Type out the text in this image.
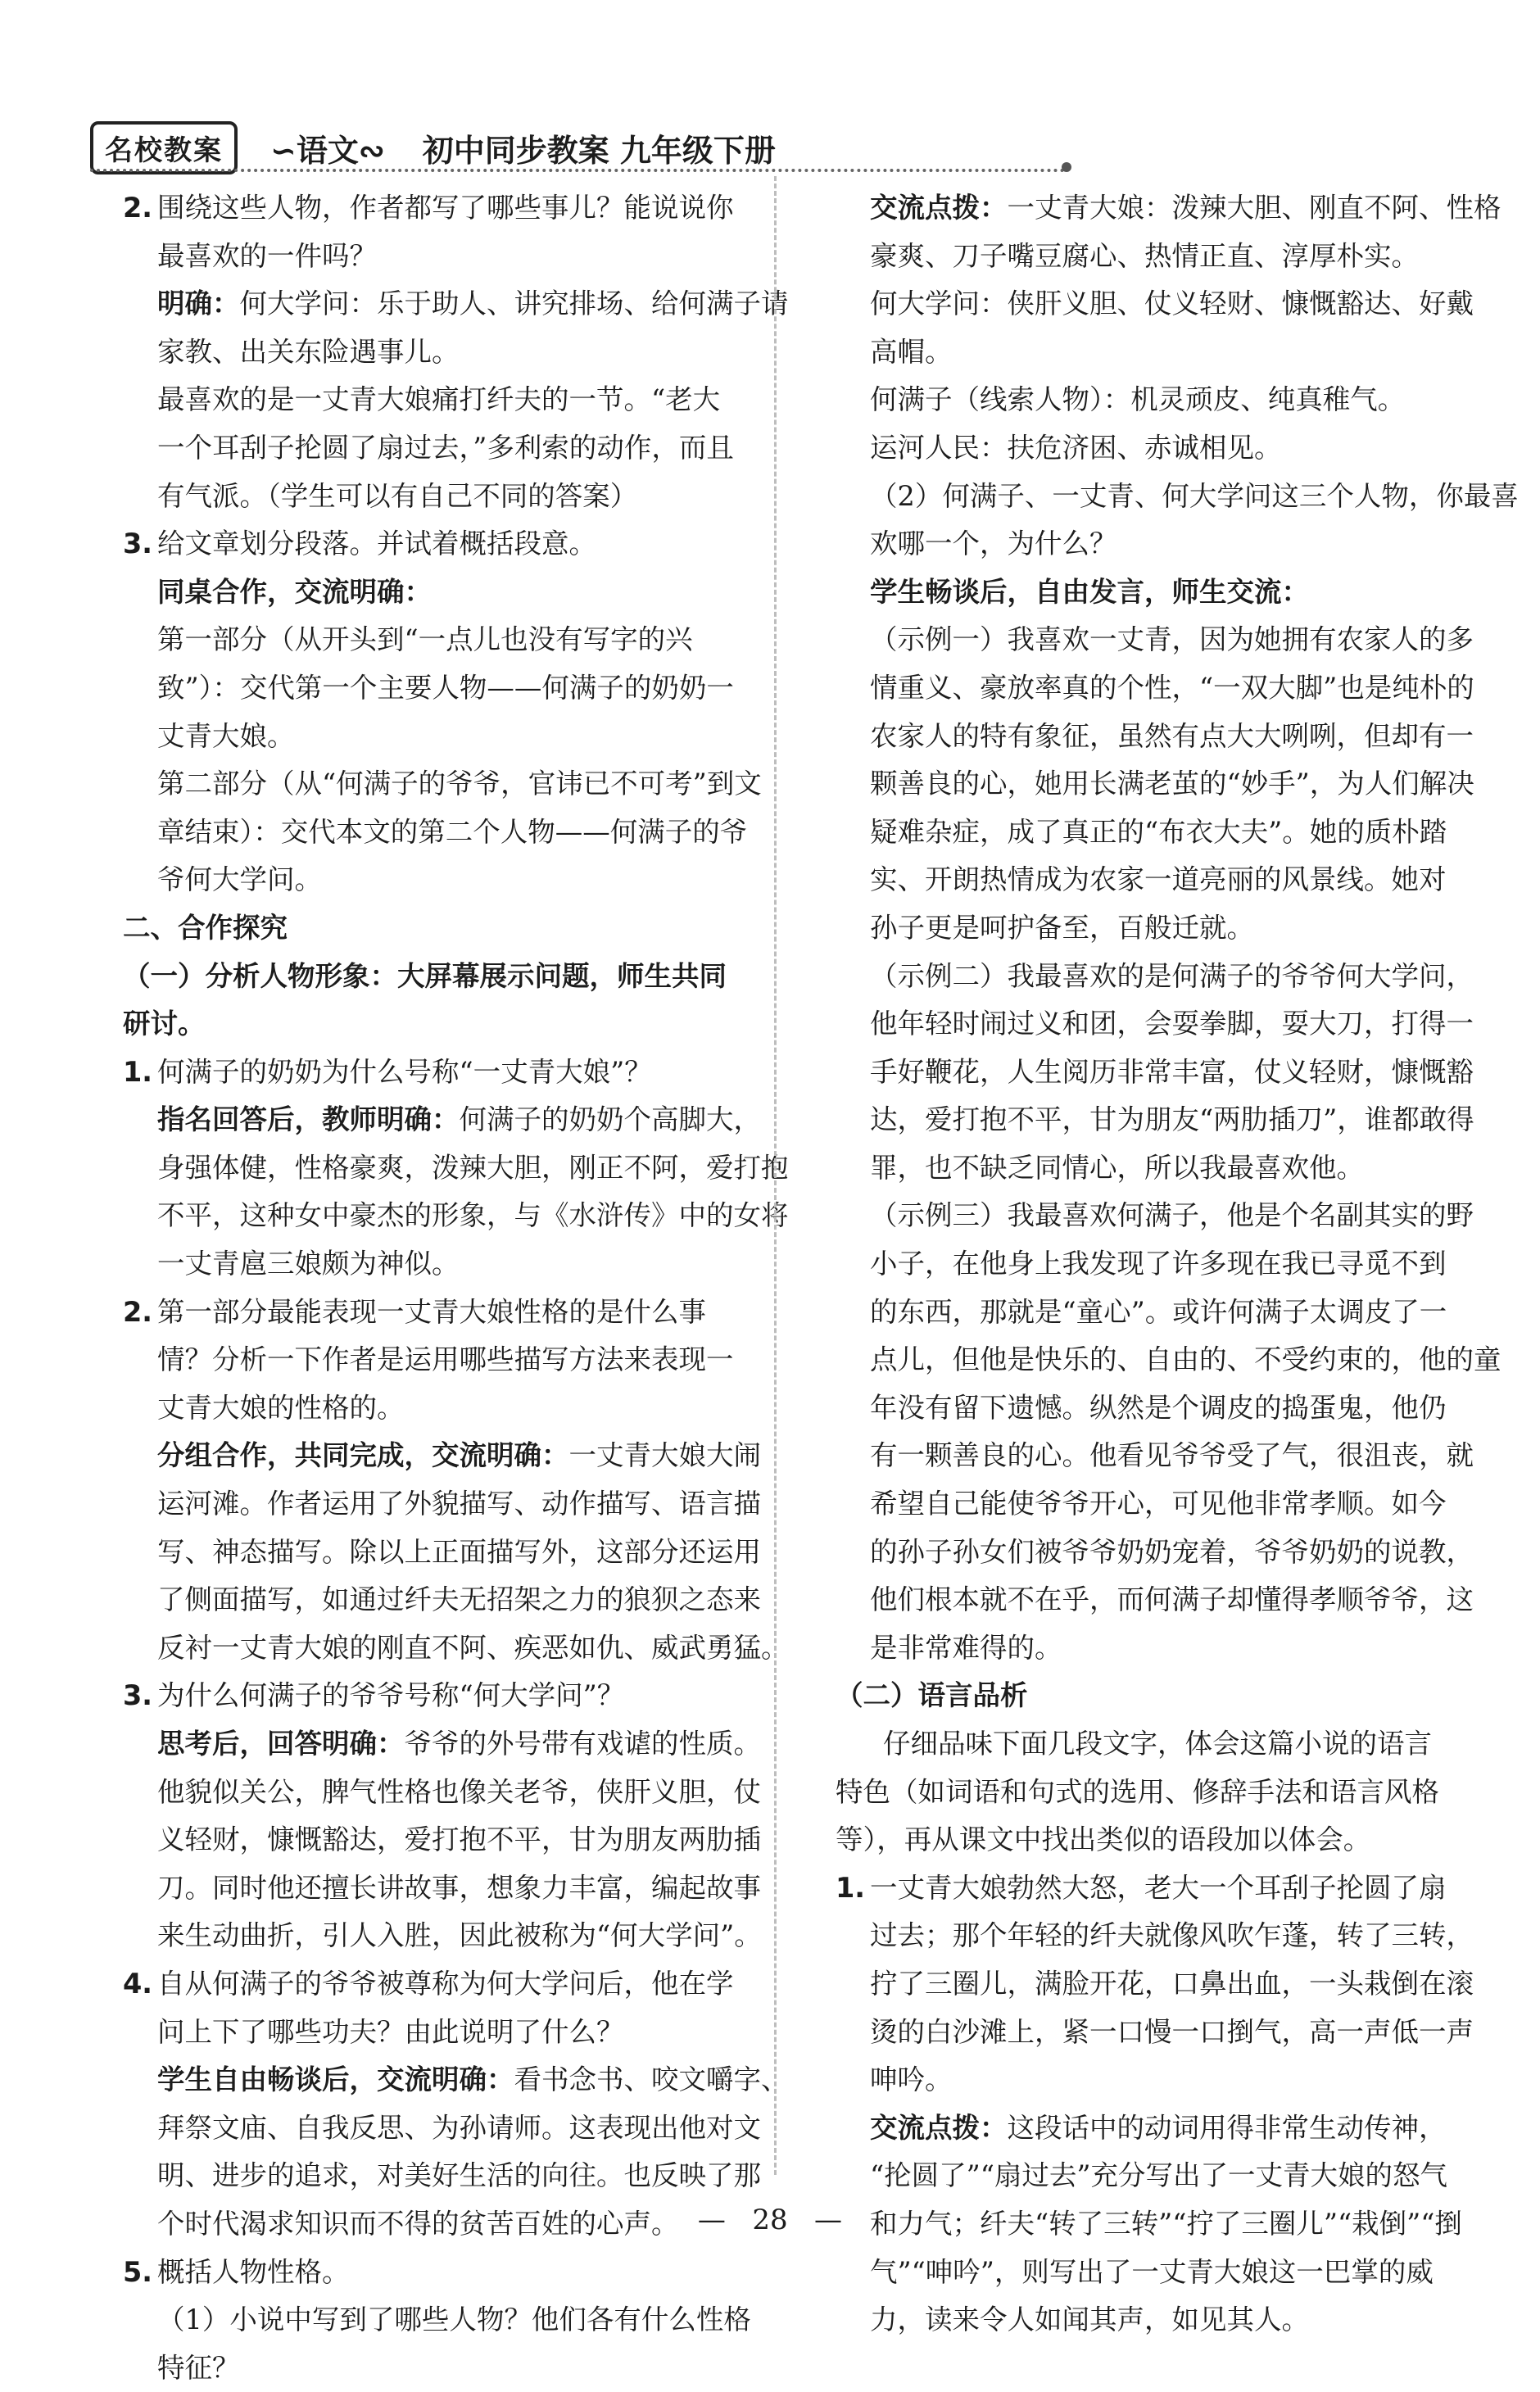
名校教案	∽语文∾ 初中同步教案 九年级下册
2. 围绕这些人物，作者都写了哪些事儿？能说说你
最喜欢的一件吗？
明确：何大学问：乐于助人、讲究排场、给何满子请
家教、出关东险遇事儿。
最喜欢的是一丈青大娘痛打纤夫的一节。“老大
一个耳刮子抡圆了扇过去，”多利索的动作，而且
有气派。（学生可以有自己不同的答案）
3. 给文章划分段落。并试着概括段意。
同桌合作，交流明确：
第一部分（从开头到“一点儿也没有写字的兴
致”）：交代第一个主要人物——何满子的奶奶一
丈青大娘。
第二部分（从“何满子的爷爷，官讳已不可考”到文
章结束）：交代本文的第二个人物——何满子的爷
爷何大学问。
二、合作探究
（一）分析人物形象：大屏幕展示问题，师生共同
研讨。
1. 何满子的奶奶为什么号称“一丈青大娘”？
指名回答后，教师明确：何满子的奶奶个高脚大，
身强体健，性格豪爽，泼辣大胆，刚正不阿，爱打抱
不平，这种女中豪杰的形象，与《水浒传》中的女将
一丈青扈三娘颇为神似。
2. 第一部分最能表现一丈青大娘性格的是什么事
情？分析一下作者是运用哪些描写方法来表现一
丈青大娘的性格的。
分组合作，共同完成，交流明确：一丈青大娘大闹
运河滩。作者运用了外貌描写、动作描写、语言描
写、神态描写。除以上正面描写外，这部分还运用
了侧面描写，如通过纤夫无招架之力的狼狈之态来
反衬一丈青大娘的刚直不阿、疾恶如仇、威武勇猛。
3. 为什么何满子的爷爷号称“何大学问”？
思考后，回答明确：爷爷的外号带有戏谑的性质。
他貌似关公，脾气性格也像关老爷，侠肝义胆，仗
义轻财，慷慨豁达，爱打抱不平，甘为朋友两肋插
刀。同时他还擅长讲故事，想象力丰富，编起故事
来生动曲折，引人入胜，因此被称为“何大学问”。
4. 自从何满子的爷爷被尊称为何大学问后，他在学
问上下了哪些功夫？由此说明了什么？
学生自由畅谈后，交流明确：看书念书、咬文嚼字、
拜祭文庙、自我反思、为孙请师。这表现出他对文
明、进步的追求，对美好生活的向往。也反映了那
个时代渴求知识而不得的贫苦百姓的心声。
5. 概括人物性格。
（1）小说中写到了哪些人物？他们各有什么性格
特征？
交流点拨：一丈青大娘：泼辣大胆、刚直不阿、性格
豪爽、刀子嘴豆腐心、热情正直、淳厚朴实。
何大学问：侠肝义胆、仗义轻财、慷慨豁达、好戴
高帽。
何满子（线索人物）：机灵顽皮、纯真稚气。
运河人民：扶危济困、赤诚相见。
（2）何满子、一丈青、何大学问这三个人物，你最喜
欢哪一个，为什么？
学生畅谈后，自由发言，师生交流：
（示例一）我喜欢一丈青，因为她拥有农家人的多
情重义、豪放率真的个性，“一双大脚”也是纯朴的
农家人的特有象征，虽然有点大大咧咧，但却有一
颗善良的心，她用长满老茧的“妙手”，为人们解决
疑难杂症，成了真正的“布衣大夫”。她的质朴踏
实、开朗热情成为农家一道亮丽的风景线。她对
孙子更是呵护备至，百般迁就。
（示例二）我最喜欢的是何满子的爷爷何大学问，
他年轻时闹过义和团，会耍拳脚，耍大刀，打得一
手好鞭花，人生阅历非常丰富，仗义轻财，慷慨豁
达，爱打抱不平，甘为朋友“两肋插刀”，谁都敢得
罪，也不缺乏同情心，所以我最喜欢他。
（示例三）我最喜欢何满子，他是个名副其实的野
小子，在他身上我发现了许多现在我已寻觅不到
的东西，那就是“童心”。或许何满子太调皮了一
点儿，但他是快乐的、自由的、不受约束的，他的童
年没有留下遗憾。纵然是个调皮的捣蛋鬼，他仍
有一颗善良的心。他看见爷爷受了气，很沮丧，就
希望自己能使爷爷开心，可见他非常孝顺。如今
的孙子孙女们被爷爷奶奶宠着，爷爷奶奶的说教，
他们根本就不在乎，而何满子却懂得孝顺爷爷，这
是非常难得的。
（二）语言品析
仔细品味下面几段文字，体会这篇小说的语言
特色（如词语和句式的选用、修辞手法和语言风格
等），再从课文中找出类似的语段加以体会。
1. 一丈青大娘勃然大怒，老大一个耳刮子抡圆了扇
过去；那个年轻的纤夫就像风吹乍蓬，转了三转，
拧了三圈儿，满脸开花，口鼻出血，一头栽倒在滚
烫的白沙滩上，紧一口慢一口捯气，高一声低一声
呻吟。
交流点拨：这段话中的动词用得非常生动传神，
“抡圆了”“扇过去”充分写出了一丈青大娘的怒气
和力气；纤夫“转了三转”“拧了三圈儿”“栽倒”“捯
气”“呻吟”，则写出了一丈青大娘这一巴掌的威
力，读来令人如闻其声，如见其人。
—   28   —
